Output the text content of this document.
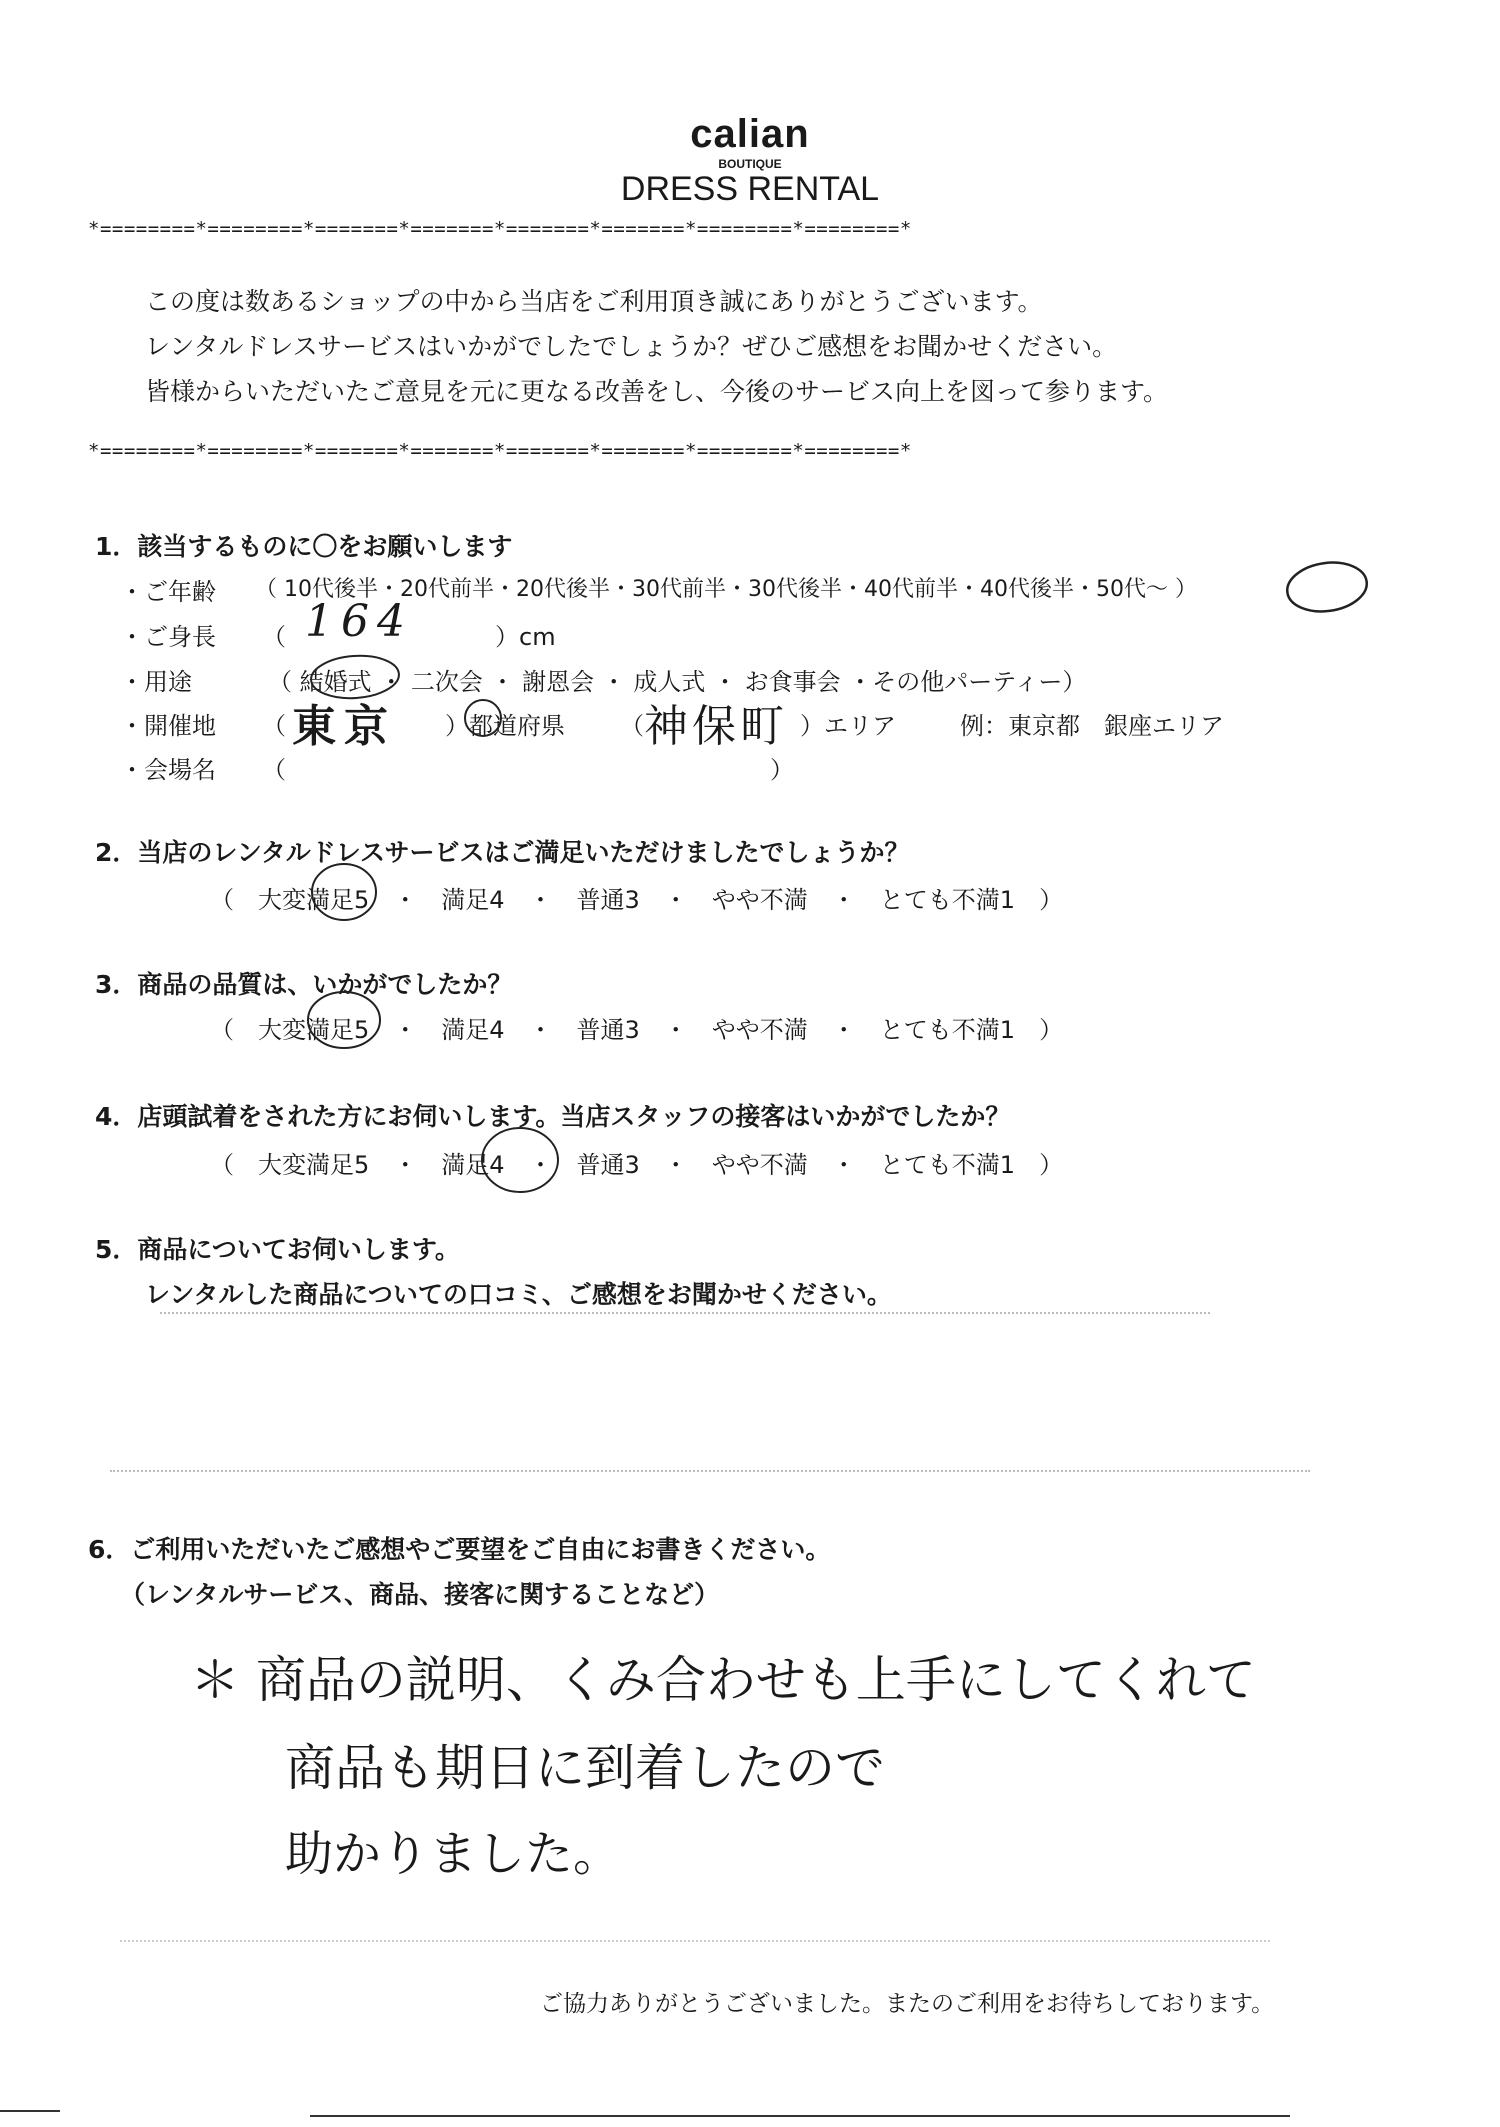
calian
BOUTIQUE
DRESS RENTAL
*========*========*=======*=======*=======*=======*========*========*
この度は数あるショップの中から当店をご利用頂き誠にありがとうございます。
レンタルドレスサービスはいかがでしたでしょうか？ぜひご感想をお聞かせください。
皆様からいただいたご意見を元に更なる改善をし、今後のサービス向上を図って参ります。
*========*========*=======*=======*=======*=======*========*========*
1．該当するものに〇をお願いします
・ご年齢 （ 10代後半・20代前半・20代後半・30代前半・30代後半・40代前半・40代後半・50代～ ）
・ご身長 （ 164	）cm
・用途	（ 結婚式 ・ 二次会 ・ 謝恩会 ・ 成人式 ・ お食事会 ・その他パーティー）
・開催地 （ 東京 ）都道府県 （ 神保町 ）エリア	例：東京都　銀座エリア
・会場名 （	）
2．当店のレンタルドレスサービスはご満足いただけましたでしょうか？
（　大変満足5　・　満足4　・　普通3　・　やや不満　・　とても不満1　）
3．商品の品質は、いかがでしたか？
（　大変満足5　・　満足4　・　普通3　・　やや不満　・　とても不満1　）
4．店頭試着をされた方にお伺いします。当店スタッフの接客はいかがでしたか？
（　大変満足5　・　満足4　・　普通3　・　やや不満　・　とても不満1　）
5．商品についてお伺いします。
レンタルした商品についての口コミ、ご感想をお聞かせください。
6．ご利用いただいたご感想やご要望をご自由にお書きください。
（レンタルサービス、商品、接客に関することなど）
＊ 商品の説明、くみ合わせも上手にしてくれて
商品も期日に到着したので
助かりました。
ご協力ありがとうございました。またのご利用をお待ちしております。
